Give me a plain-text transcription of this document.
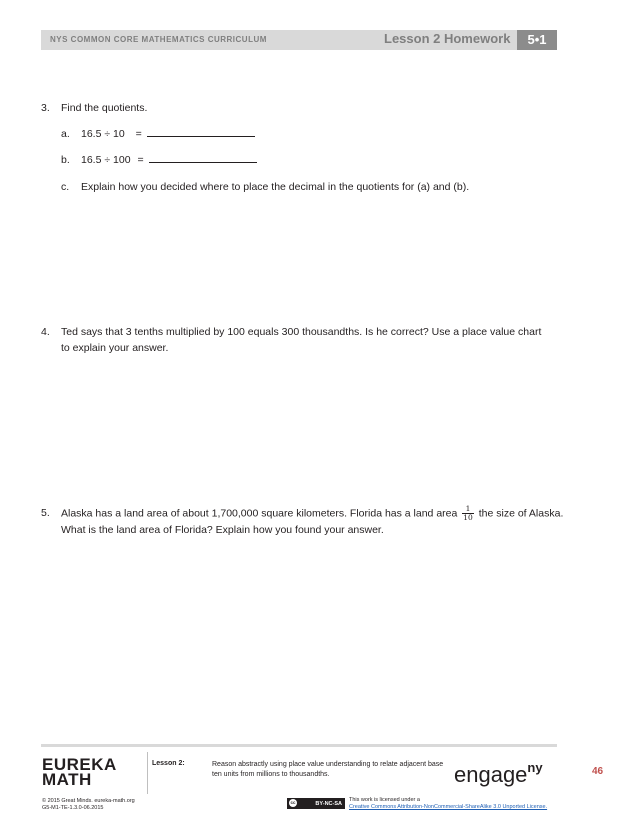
NYS COMMON CORE MATHEMATICS CURRICULUM	Lesson 2 Homework	5•1
3. Find the quotients.
a. 16.5 ÷ 10 =
b. 16.5 ÷ 100 =
c. Explain how you decided where to place the decimal in the quotients for (a) and (b).
4. Ted says that 3 tenths multiplied by 100 equals 300 thousandths. Is he correct? Use a place value chart
to explain your answer.
5. Alaska has a land area of about 1,700,000 square kilometers. Florida has a land area $\frac{1}{10}$ the size of Alaska.
What is the land area of Florida? Explain how you found your answer.
EUREKA
MATH
Lesson 2:	Reason abstractly using place value understanding to relate adjacent base ten units from millions to thousandths.	engage$^{ny}$	46
© 2015 Great Minds. eureka-math.org
G5-M1-TE-1.3.0-06.2015
cc	BY-NC-SA
This work is licensed under a
Creative Commons Attribution-NonCommercial-ShareAlike 3.0 Unported License.
